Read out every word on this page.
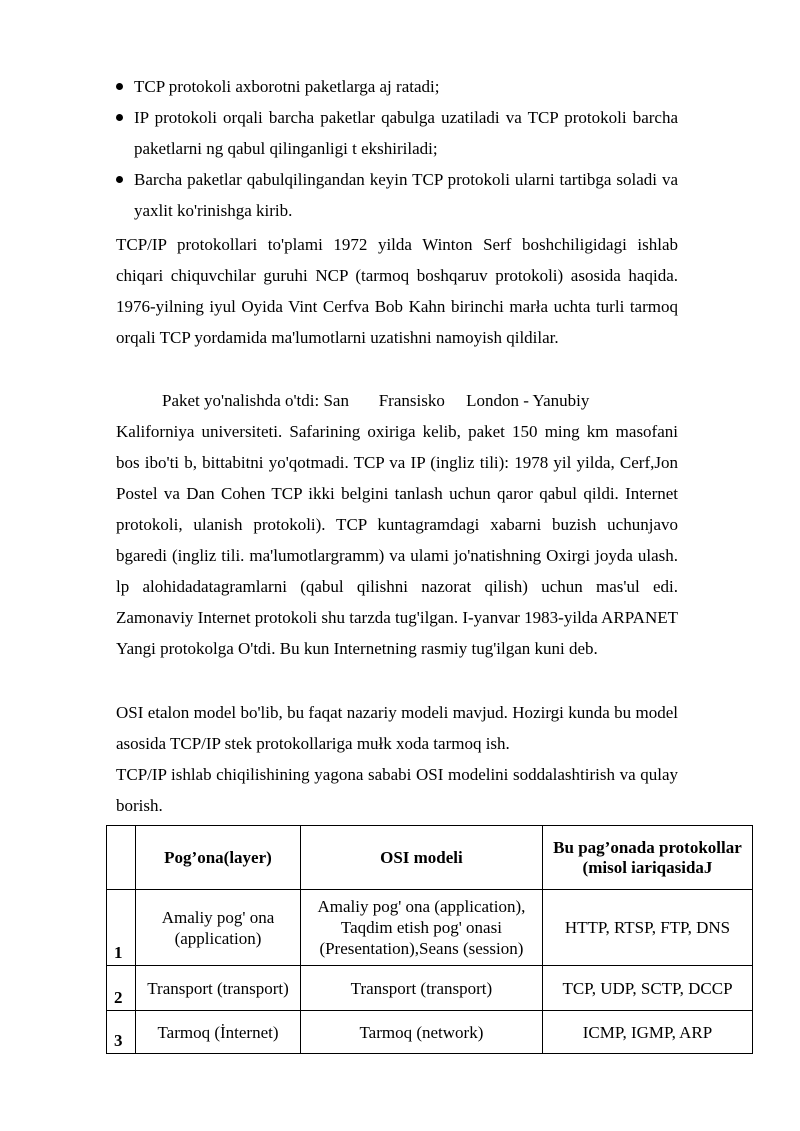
TCP protokoli axborotni paketlarga aj ratadi;
IP protokoli orqali barcha paketlar qabulga uzatiladi va TCP protokoli barcha paketlarni ng qabul qilinganligi t ekshiriladi;
Barcha paketlar qabulqilingandan keyin TCP protokoli ularni tartibga soladi va yaxlit ko'rinishga kirib.

TCP/IP protokollari to'plami 1972 yilda Winton Serf boshchiligidagi ishlab chiqari chiquvchilar guruhi NCP (tarmoq boshqaruv protokoli) asosida haqida. 1976-yilning iyul Oyida Vint Cerfva Bob Kahn birinchi marła uchta turli tarmoq orqali TCP yordamida ma'lumotlarni uzatishni namoyish qildilar.

Paket yo'nalishda o'tdi: San       Fransisko     London - Yanubiy

Kaliforniya universiteti. Safarining oxiriga kelib, paket 150 ming km masofani bos ibo'ti b, bittabitni yo'qotmadi. TCP va IP (ingliz tili): 1978 yil yilda, Cerf,Jon Postel va Dan Cohen TCP ikki belgini tanlash uchun qaror qabul qildi. Internet protokoli, ulanish protokoli). TCP kuntagramdagi xabarni buzish uchunjavo bgaredi (ingliz tili. ma'lumotlargramm) va ulami jo'natishning Oxirgi joyda ulash. lp alohidadatagramlarni (qabul qilishni nazorat qilish) uchun mas'ul edi. Zamonaviy Internet protokoli shu tarzda tug'ilgan. I-yanvar 1983-yilda ARPANET Yangi protokolga O'tdi. Bu kun Internetning rasmiy tug'ilgan kuni deb.

OSI etalon model bo'lib, bu faqat nazariy modeli mavjud. Hozirgi kunda bu model asosida TCP/IP stek protokollariga mułk xoda tarmoq ish.

TCP/IP ishlab chiqilishining yagona sababi OSI modelini soddalashtirish va qulay borish.

	Pog’ona(layer)	OSI modeli	Bu pag’onada protokollar (misol iariqasidaJ
1	Amaliy pog' ona (application)	Amaliy pog' ona (application), Taqdim etish pog' onasi (Presentation),Seans (session)	HTTP, RTSP, FTP, DNS
2	Transport (transport)	Transport (transport)	TCP, UDP, SCTP, DCCP
3	Tarmoq (İnternet)	Tarmoq (network)	ICMP, IGMP, ARP
